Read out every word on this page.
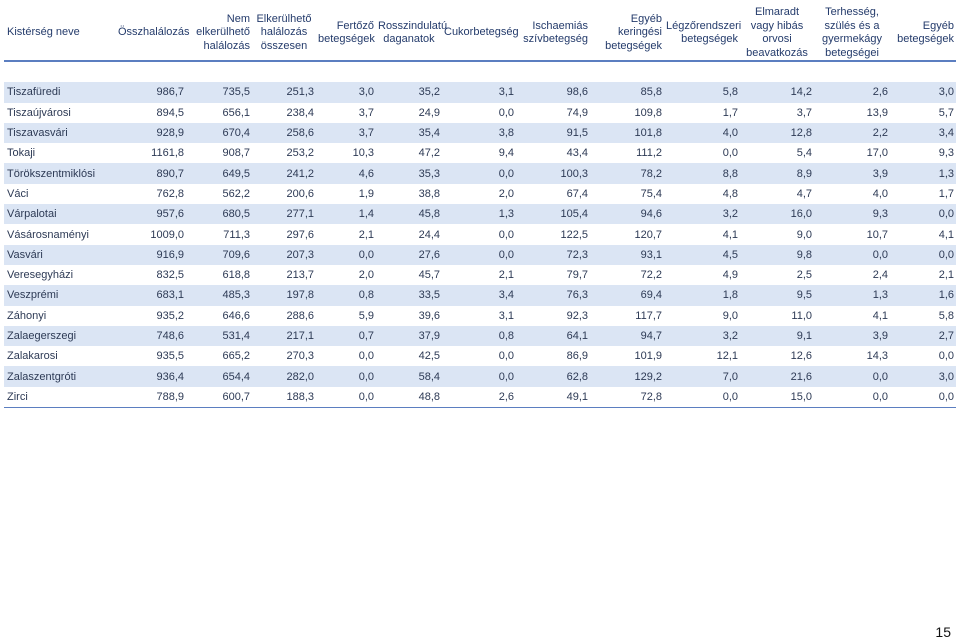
Kistérség neve	Összhalálozás	Nem elkerülhető halálozás	Elkerülhető halálozás összesen	Fertőző betegségek	Rosszindulatú daganatok	Cukorbetegség	Ischaemiás szívbetegség	Egyéb keringési betegségek	Légzőrendszeri betegségek	Elmaradt vagy hibás orvosi beavatkozás	Terhesség, szülés és a gyermekágy betegségei	Egyéb betegségek

Tiszafüredi	986,7	735,5	251,3	3,0	35,2	3,1	98,6	85,8	5,8	14,2	2,6	3,0
Tiszaújvárosi	894,5	656,1	238,4	3,7	24,9	0,0	74,9	109,8	1,7	3,7	13,9	5,7
Tiszavasvári	928,9	670,4	258,6	3,7	35,4	3,8	91,5	101,8	4,0	12,8	2,2	3,4
Tokaji	1161,8	908,7	253,2	10,3	47,2	9,4	43,4	111,2	0,0	5,4	17,0	9,3
Törökszentmiklósi	890,7	649,5	241,2	4,6	35,3	0,0	100,3	78,2	8,8	8,9	3,9	1,3
Váci	762,8	562,2	200,6	1,9	38,8	2,0	67,4	75,4	4,8	4,7	4,0	1,7
Várpalotai	957,6	680,5	277,1	1,4	45,8	1,3	105,4	94,6	3,2	16,0	9,3	0,0
Vásárosnaményi	1009,0	711,3	297,6	2,1	24,4	0,0	122,5	120,7	4,1	9,0	10,7	4,1
Vasvári	916,9	709,6	207,3	0,0	27,6	0,0	72,3	93,1	4,5	9,8	0,0	0,0
Veresegyházi	832,5	618,8	213,7	2,0	45,7	2,1	79,7	72,2	4,9	2,5	2,4	2,1
Veszprémi	683,1	485,3	197,8	0,8	33,5	3,4	76,3	69,4	1,8	9,5	1,3	1,6
Záhonyi	935,2	646,6	288,6	5,9	39,6	3,1	92,3	117,7	9,0	11,0	4,1	5,8
Zalaegerszegi	748,6	531,4	217,1	0,7	37,9	0,8	64,1	94,7	3,2	9,1	3,9	2,7
Zalakarosi	935,5	665,2	270,3	0,0	42,5	0,0	86,9	101,9	12,1	12,6	14,3	0,0
Zalaszentgróti	936,4	654,4	282,0	0,0	58,4	0,0	62,8	129,2	7,0	21,6	0,0	3,0
Zirci	788,9	600,7	188,3	0,0	48,8	2,6	49,1	72,8	0,0	15,0	0,0	0,0
15
